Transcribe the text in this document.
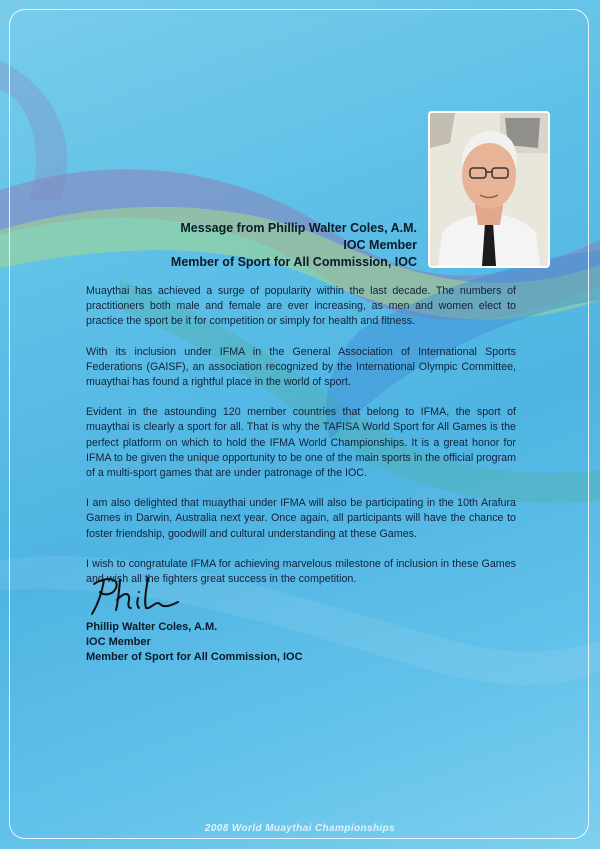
Message from Phillip Walter Coles, A.M.
IOC Member
Member of Sport for All Commission, IOC

Muaythai has achieved a surge of popularity within the last decade. The numbers of practitioners both male and female are ever increasing, as men and women elect to practice the sport be it for competition or simply for health and fitness.

With its inclusion under IFMA in the General Association of International Sports Federations (GAISF), an association recognized by the International Olympic Committee, muaythai has found a rightful place in the world of sport.

Evident in the astounding 120 member countries that belong to IFMA, the sport of muaythai is clearly a sport for all. That is why the TAFISA World Sport for All Games is the perfect platform on which to hold the IFMA World Championships. It is a great honor for IFMA to be given the unique opportunity to be one of the main sports in the official program of a multi-sport games that are under patronage of the IOC.

I am also delighted that muaythai under IFMA will also be participating in the 10th Arafura Games in Darwin, Australia next year. Once again, all participants will have the chance to foster friendship, goodwill and cultural understanding at these Games.

I wish to congratulate IFMA for achieving marvelous milestone of inclusion in these Games and wish all the fighters great success in the competition.

Phillip Walter Coles, A.M.
IOC Member
Member of Sport for All Commission, IOC
2008 World Muaythai Championships
